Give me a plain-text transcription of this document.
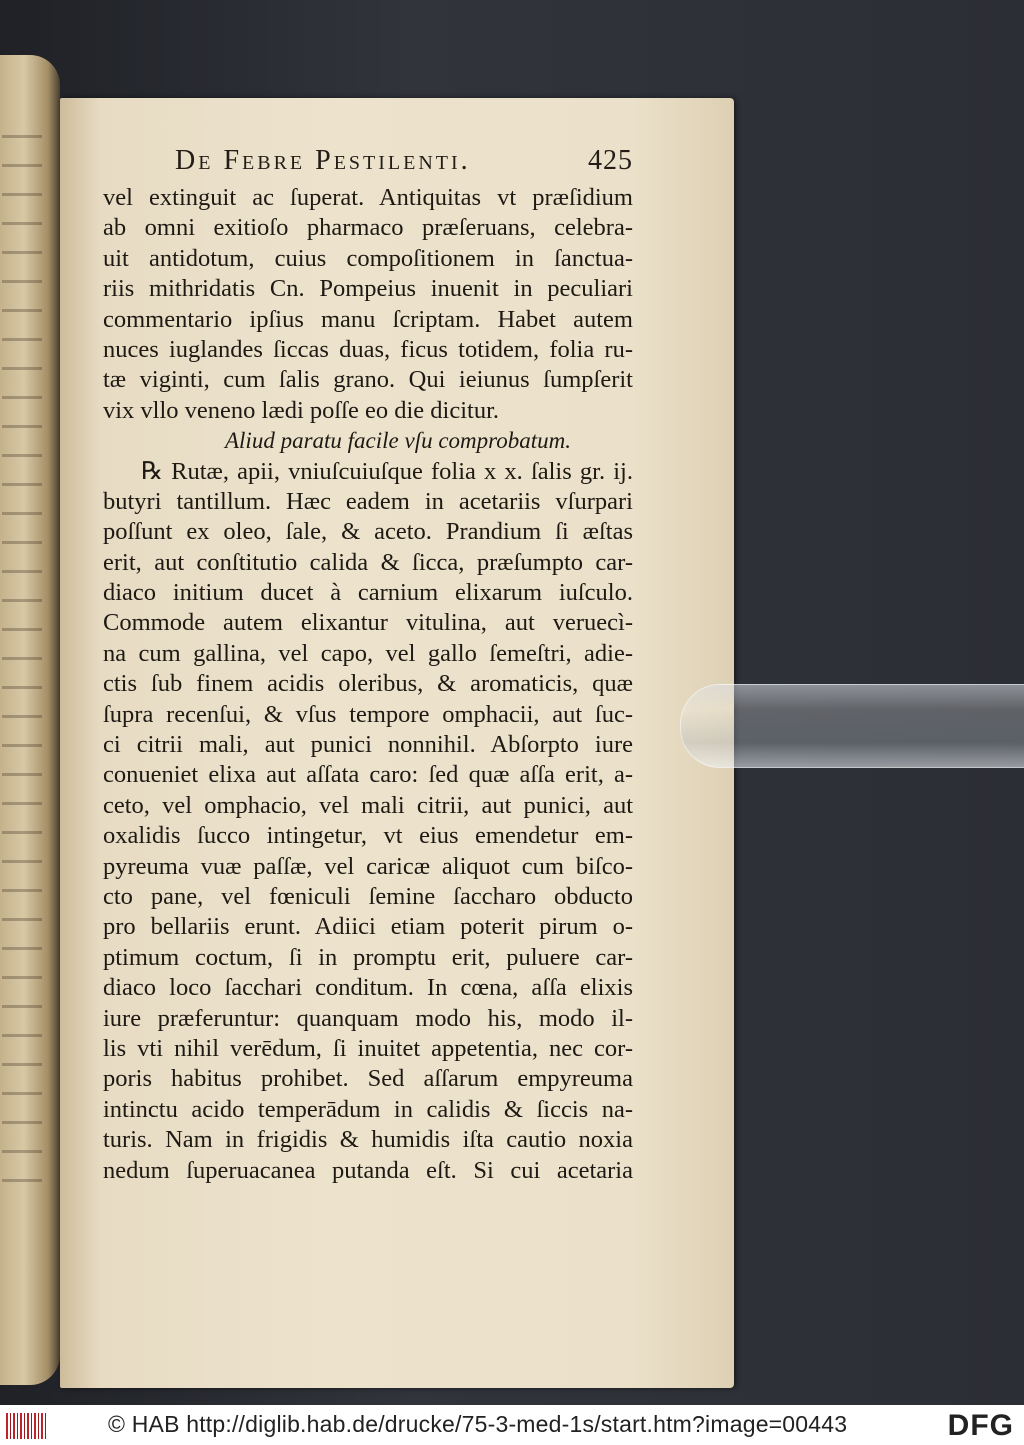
De Febre Pestilenti.	425
vel extinguit ac ſuperat. Antiquitas vt præſidium
ab omni exitioſo pharmaco præſeruans, celebra-
uit antidotum, cuius compoſitionem in ſanctua-
riis mithridatis Cn. Pompeius inuenit in peculiari
commentario ipſius manu ſcriptam. Habet autem
nuces iuglandes ſiccas duas, ficus totidem, folia ru-
tæ viginti, cum ſalis grano. Qui ieiunus ſumpſerit
vix vllo veneno lædi poſſe eo die dicitur.
Aliud paratu facile vſu comprobatum.
℞ Rutæ, apii, vniuſcuiuſque folia x x. ſalis gr. ij.
butyri tantillum. Hæc eadem in acetariis vſurpari
poſſunt ex oleo, ſale, & aceto. Prandium ſi æſtas
erit, aut conſtitutio calida & ſicca, præſumpto car-
diaco initium ducet à carnium elixarum iuſculo.
Commode autem elixantur vitulina, aut veruecì-
na cum gallina, vel capo, vel gallo ſemeſtri, adie-
ctis ſub finem acidis oleribus, & aromaticis, quæ
ſupra recenſui, & vſus tempore omphacii, aut ſuc-
ci citrii mali, aut punici nonnihil. Abſorpto iure
conueniet elixa aut aſſata caro: ſed quæ aſſa erit, a-
ceto, vel omphacio, vel mali citrii, aut punici, aut
oxalidis ſucco intingetur, vt eius emendetur em-
pyreuma vuæ paſſæ, vel caricæ aliquot cum biſco-
cto pane, vel fœniculi ſemine ſaccharo obducto
pro bellariis erunt. Adiici etiam poterit pirum o-
ptimum coctum, ſi in promptu erit, puluere car-
diaco loco ſacchari conditum. In cœna, aſſa elixis
iure præferuntur: quanquam modo his, modo il-
lis vti nihil verēdum, ſi inuitet appetentia, nec cor-
poris habitus prohibet. Sed aſſarum empyreuma
intinctu acido temperādum in calidis & ſiccis na-
turis. Nam in frigidis & humidis iſta cautio noxia
nedum ſuperuacanea putanda eſt. Si cui acetaria
© HAB http://diglib.hab.de/drucke/75-3-med-1s/start.htm?image=00443	DFG
